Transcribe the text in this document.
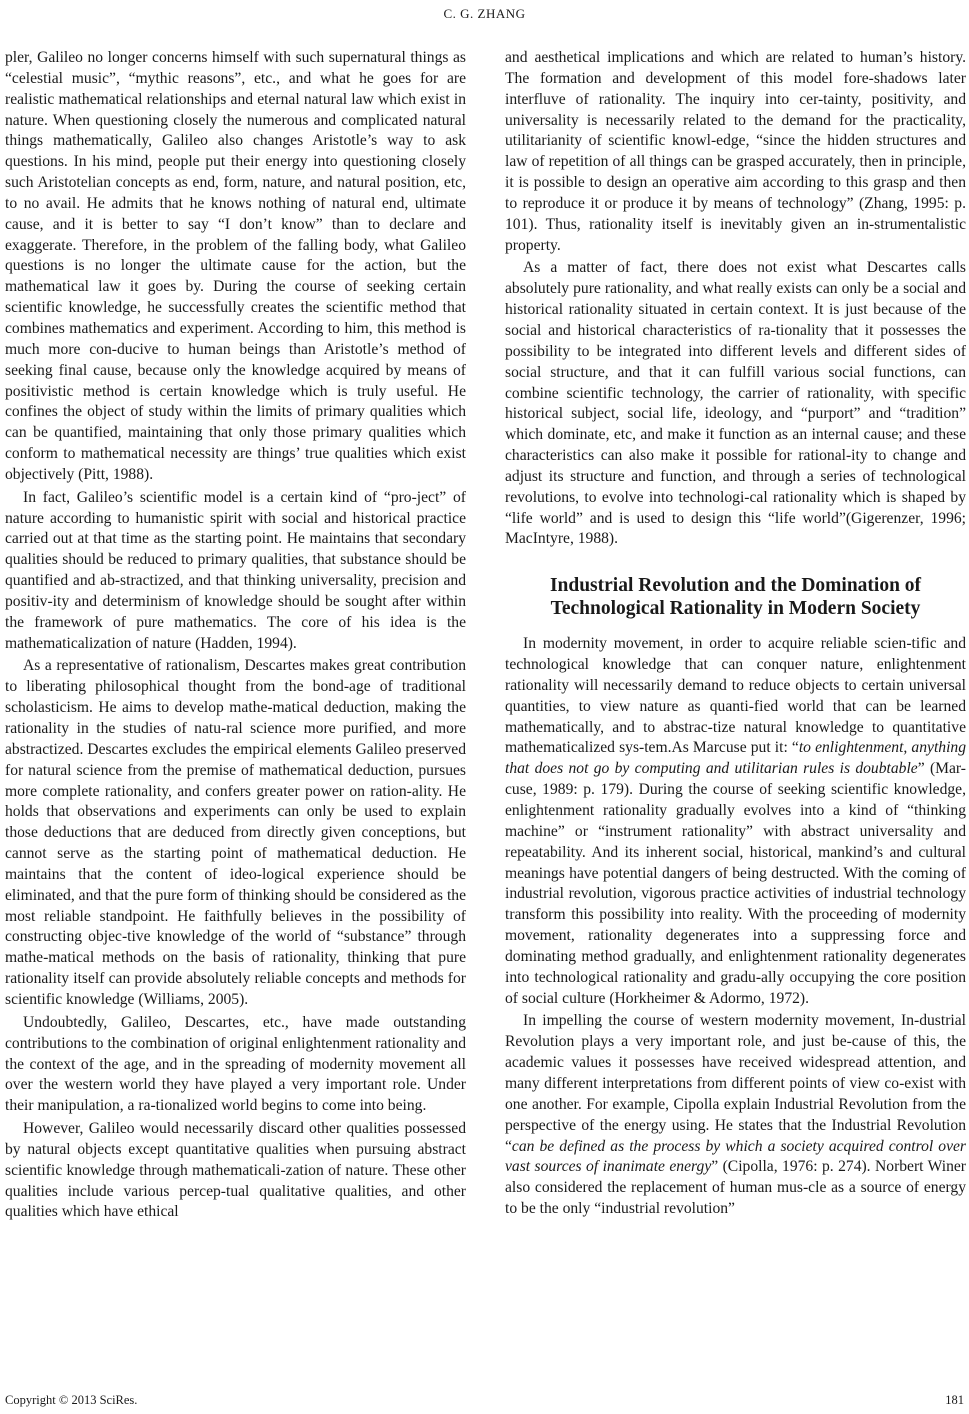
C. G. ZHANG

pler, Galileo no longer concerns himself with such supernatural things as “celestial music”, “mythic reasons”, etc., and what he goes for are realistic mathematical relationships and eternal natural law which exist in nature. When questioning closely the numerous and complicated natural things mathematically, Galileo also changes Aristotle’s way to ask questions. In his mind, people put their energy into questioning closely such Aristotelian concepts as end, form, nature, and natural position, etc, to no avail. He admits that he knows nothing of natural end, ultimate cause, and it is better to say “I don’t know” than to declare and exaggerate. Therefore, in the problem of the falling body, what Galileo questions is no longer the ultimate cause for the action, but the mathematical law it goes by. During the course of seeking certain scientific knowledge, he successfully creates the scientific method that combines mathematics and experiment. According to him, this method is much more con-ducive to human beings than Aristotle’s method of seeking final cause, because only the knowledge acquired by means of positivistic method is certain knowledge which is truly useful. He confines the object of study within the limits of primary qualities which can be quantified, maintaining that only those primary qualities which conform to mathematical necessity are things’ true qualities which exist objectively (Pitt, 1988).

In fact, Galileo’s scientific model is a certain kind of “pro-ject” of nature according to humanistic spirit with social and historical practice carried out at that time as the starting point. He maintains that secondary qualities should be reduced to primary qualities, that substance should be quantified and ab-stractized, and that thinking universality, precision and positiv-ity and determinism of knowledge should be sought after within the framework of pure mathematics. The core of his idea is the mathematicalization of nature (Hadden, 1994).

As a representative of rationalism, Descartes makes great contribution to liberating philosophical thought from the bond-age of traditional scholasticism. He aims to develop mathe-matical deduction, making the rationality in the studies of natu-ral science more purified, and more abstractized. Descartes excludes the empirical elements Galileo preserved for natural science from the premise of mathematical deduction, pursues more complete rationality, and confers greater power on ration-ality. He holds that observations and experiments can only be used to explain those deductions that are deduced from directly given conceptions, but cannot serve as the starting point of mathematical deduction. He maintains that the content of ideo-logical experience should be eliminated, and that the pure form of thinking should be considered as the most reliable standpoint. He faithfully believes in the possibility of constructing objec-tive knowledge of the world of “substance” through mathe-matical methods on the basis of rationality, thinking that pure rationality itself can provide absolutely reliable concepts and methods for scientific knowledge (Williams, 2005).

Undoubtedly, Galileo, Descartes, etc., have made outstanding contributions to the combination of original enlightenment rationality and the context of the age, and in the spreading of modernity movement all over the western world they have played a very important role. Under their manipulation, a ra-tionalized world begins to come into being.

However, Galileo would necessarily discard other qualities possessed by natural objects except quantitative qualities when pursuing abstract scientific knowledge through mathematicali-zation of nature. These other qualities include various percep-tual qualitative qualities, and other qualities which have ethical

and aesthetical implications and which are related to human’s history. The formation and development of this model fore-shadows later interfluve of rationality. The inquiry into cer-tainty, positivity, and universality is necessarily related to the demand for the practicality, utilitarianity of scientific knowl-edge, “since the hidden structures and law of repetition of all things can be grasped accurately, then in principle, it is possible to design an operative aim according to this grasp and then to reproduce it or produce it by means of technology” (Zhang, 1995: p. 101). Thus, rationality itself is inevitably given an in-strumentalistic property.

As a matter of fact, there does not exist what Descartes calls absolutely pure rationality, and what really exists can only be a social and historical rationality situated in certain context. It is just because of the social and historical characteristics of ra-tionality that it possesses the possibility to be integrated into different levels and different sides of social structure, and that it can fulfill various social functions, can combine scientific technology, the carrier of rationality, with specific historical subject, social life, ideology, and “purport” and “tradition” which dominate, etc, and make it function as an internal cause; and these characteristics can also make it possible for rational-ity to change and adjust its structure and function, and through a series of technological revolutions, to evolve into technologi-cal rationality which is shaped by “life world” and is used to design this “life world”(Gigerenzer, 1996; MacIntyre, 1988).

Industrial Revolution and the Domination of
Technological Rationality in Modern Society

In modernity movement, in order to acquire reliable scien-tific and technological knowledge that can conquer nature, enlightenment rationality will necessarily demand to reduce objects to certain universal quantities, to view nature as quanti-fied world that can be learned mathematically, and to abstrac-tize natural knowledge to quantitative mathematicalized sys-tem.As Marcuse put it: “to enlightenment, anything that does not go by computing and utilitarian rules is doubtable” (Mar-cuse, 1989: p. 179). During the course of seeking scientific knowledge, enlightenment rationality gradually evolves into a kind of “thinking machine” or “instrument rationality” with abstract universality and repeatability. And its inherent social, historical, mankind’s and cultural meanings have potential dangers of being destructed. With the coming of industrial revolution, vigorous practice activities of industrial technology transform this possibility into reality. With the proceeding of modernity movement, rationality degenerates into a suppressing force and dominating method gradually, and enlightenment rationality degenerates into technological rationality and gradu-ally occupying the core position of social culture (Horkheimer & Adormo, 1972).

In impelling the course of western modernity movement, In-dustrial Revolution plays a very important role, and just be-cause of this, the academic values it possesses have received widespread attention, and many different interpretations from different points of view co-exist with one another. For example, Cipolla explain Industrial Revolution from the perspective of the energy using. He states that the Industrial Revolution “can be defined as the process by which a society acquired control over vast sources of inanimate energy” (Cipolla, 1976: p. 274). Norbert Winer also considered the replacement of human mus-cle as a source of energy to be the only “industrial revolution”

Copyright © 2013 SciRes.	181
